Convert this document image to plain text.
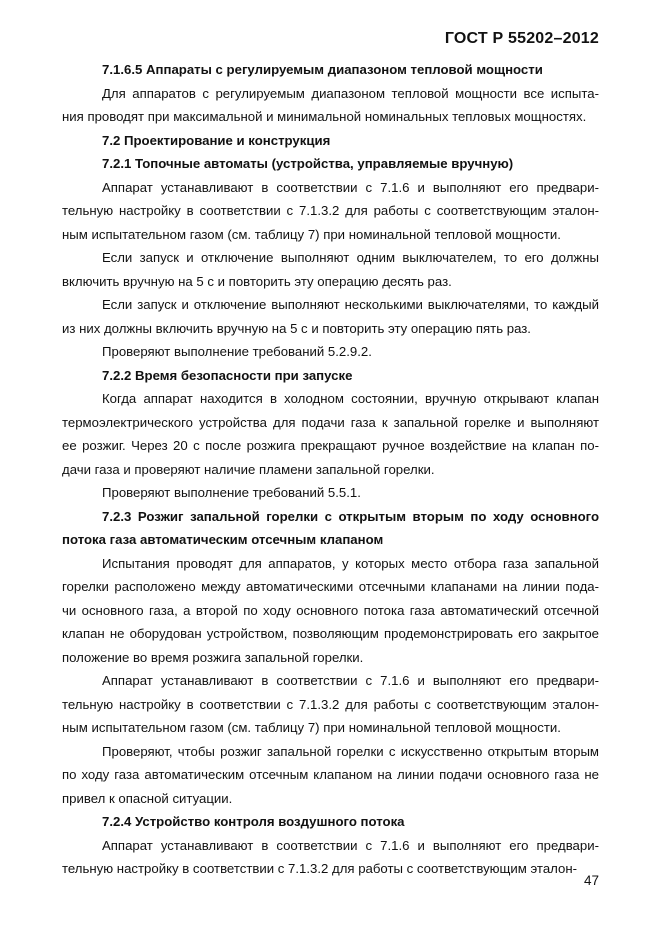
ГОСТ Р 55202–2012
7.1.6.5 Аппараты с регулируемым диапазоном тепловой мощности
Для аппаратов с регулируемым диапазоном тепловой мощности все испыта-
ния проводят при максимальной и минимальной номинальных тепловых мощностях.
7.2 Проектирование и конструкция
7.2.1 Топочные автоматы (устройства, управляемые вручную)
Аппарат устанавливают в соответствии с 7.1.6 и выполняют его предвари-
тельную настройку в соответствии с 7.1.3.2 для работы с соответствующим эталон-
ным испытательном газом (см. таблицу 7) при номинальной тепловой мощности.
Если запуск и отключение выполняют одним выключателем, то его должны
включить вручную на 5 с и повторить эту операцию десять раз.
Если запуск и отключение выполняют несколькими выключателями, то каждый
из них должны включить вручную на 5 с и повторить эту операцию пять раз.
Проверяют выполнение требований 5.2.9.2.
7.2.2 Время безопасности при запуске
Когда аппарат находится в холодном состоянии, вручную открывают клапан
термоэлектрического устройства для подачи газа к запальной горелке и выполняют
ее розжиг. Через 20 с после розжига прекращают ручное воздействие на клапан по-
дачи газа и проверяют наличие пламени запальной горелки.
Проверяют выполнение требований 5.5.1.
7.2.3 Розжиг запальной горелки с открытым вторым по ходу основного
потока газа автоматическим отсечным клапаном
Испытания проводят для аппаратов, у которых место отбора газа запальной
горелки расположено между автоматическими отсечными клапанами на линии пода-
чи основного газа, а второй по ходу основного потока газа автоматический отсечной
клапан не оборудован устройством, позволяющим продемонстрировать его закрытое
положение во время розжига запальной горелки.
Аппарат устанавливают в соответствии с 7.1.6 и выполняют его предвари-
тельную настройку в соответствии с 7.1.3.2 для работы с соответствующим эталон-
ным испытательном газом (см. таблицу 7) при номинальной тепловой мощности.
Проверяют, чтобы розжиг запальной горелки с искусственно открытым вторым
по ходу газа автоматическим отсечным клапаном на линии подачи основного газа не
привел к опасной ситуации.
7.2.4 Устройство контроля воздушного потока
Аппарат устанавливают в соответствии с 7.1.6 и выполняют его предвари-
тельную настройку в соответствии с 7.1.3.2 для работы с соответствующим эталон-
47
